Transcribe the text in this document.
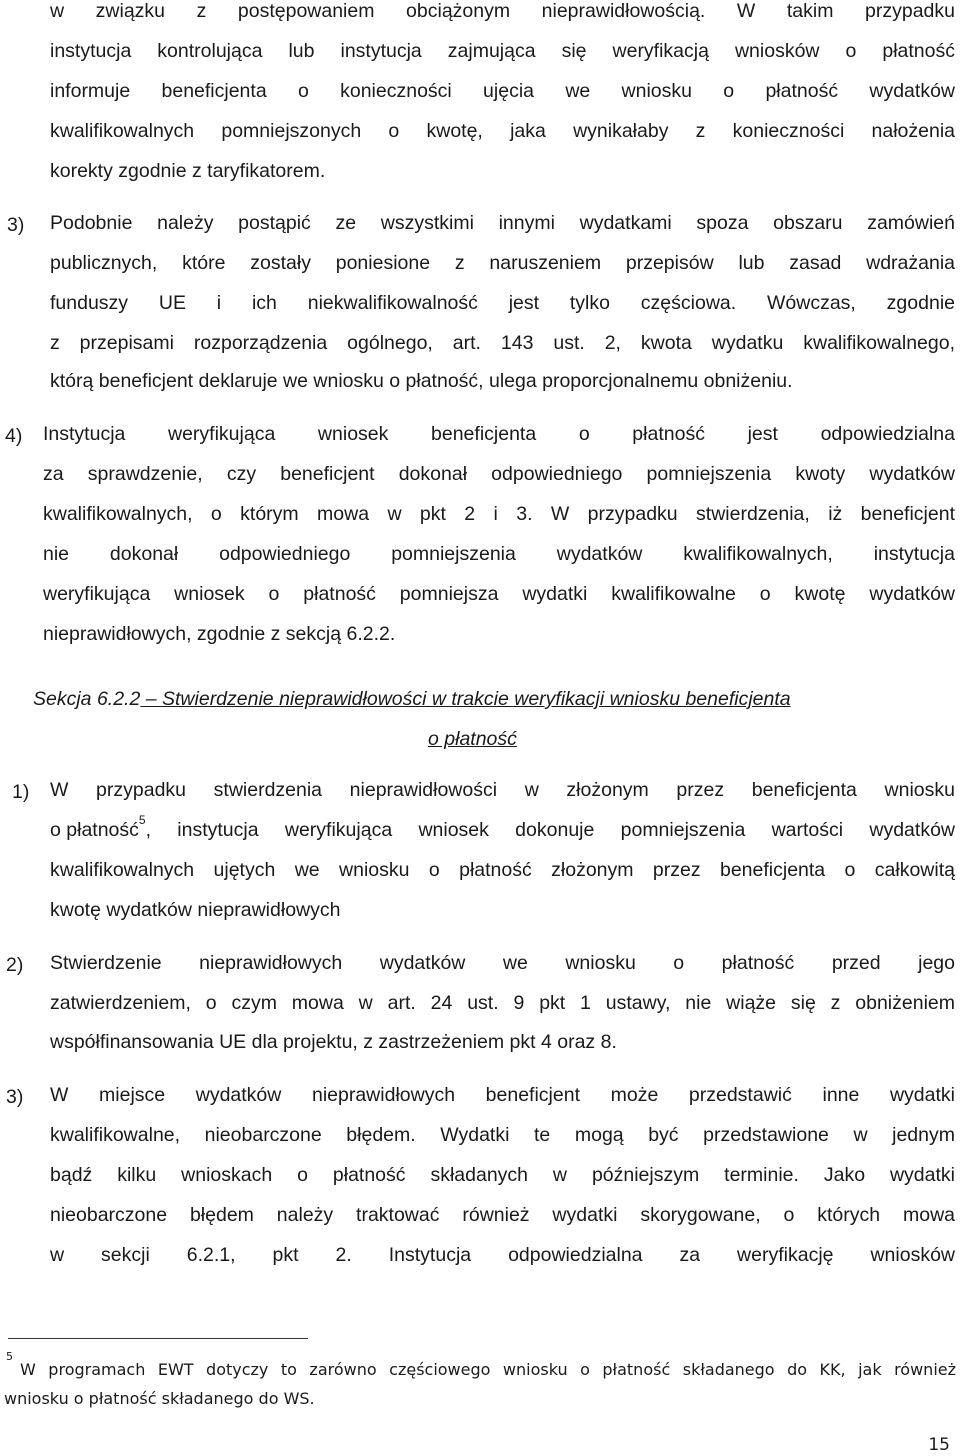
w związku z postępowaniem obciążonym nieprawidłowością. W takim przypadku
instytucja kontrolująca lub instytucja zajmująca się weryfikacją wniosków o płatność
informuje beneficjenta o konieczności ujęcia we wniosku o płatność wydatków
kwalifikowalnych pomniejszonych o kwotę, jaka wynikałaby z konieczności nałożenia
korekty zgodnie z taryfikatorem.
3) Podobnie należy postąpić ze wszystkimi innymi wydatkami spoza obszaru zamówień
publicznych, które zostały poniesione z naruszeniem przepisów lub zasad wdrażania
funduszy UE i ich niekwalifikowalność jest tylko częściowa. Wówczas, zgodnie
z przepisami rozporządzenia ogólnego, art. 143 ust. 2, kwota wydatku kwalifikowalnego,
którą beneficjent deklaruje we wniosku o płatność, ulega proporcjonalnemu obniżeniu.
4) Instytucja weryfikująca wniosek beneficjenta o płatność jest odpowiedzialna
za sprawdzenie, czy beneficjent dokonał odpowiedniego pomniejszenia kwoty wydatków
kwalifikowalnych, o którym mowa w pkt 2 i 3. W przypadku stwierdzenia, iż beneficjent
nie dokonał odpowiedniego pomniejszenia wydatków kwalifikowalnych, instytucja
weryfikująca wniosek o płatność pomniejsza wydatki kwalifikowalne o kwotę wydatków
nieprawidłowych, zgodnie z sekcją 6.2.2.
Sekcja 6.2.2 – Stwierdzenie nieprawidłowości w trakcie weryfikacji wniosku beneficjenta
o płatność
1) W przypadku stwierdzenia nieprawidłowości w złożonym przez beneficjenta wniosku
o płatność$^5$ , instytucja weryfikująca wniosek dokonuje pomniejszenia wartości wydatków
kwalifikowalnych ujętych we wniosku o płatność złożonym przez beneficjenta o całkowitą
kwotę wydatków nieprawidłowych
2) Stwierdzenie nieprawidłowych wydatków we wniosku o płatność przed jego
zatwierdzeniem, o czym mowa w art. 24 ust. 9 pkt 1 ustawy, nie wiąże się z obniżeniem
współfinansowania UE dla projektu, z zastrzeżeniem pkt 4 oraz 8.
3) W miejsce wydatków nieprawidłowych beneficjent może przedstawić inne wydatki
kwalifikowalne, nieobarczone błędem. Wydatki te mogą być przedstawione w jednym
bądź kilku wnioskach o płatność składanych w późniejszym terminie. Jako wydatki
nieobarczone błędem należy traktować również wydatki skorygowane, o których mowa
w sekcji 6.2.1, pkt 2. Instytucja odpowiedzialna za weryfikację wniosków
5
W programach EWT dotyczy to zarówno częściowego wniosku o płatność składanego do KK, jak również
wniosku o płatność składanego do WS.
15
